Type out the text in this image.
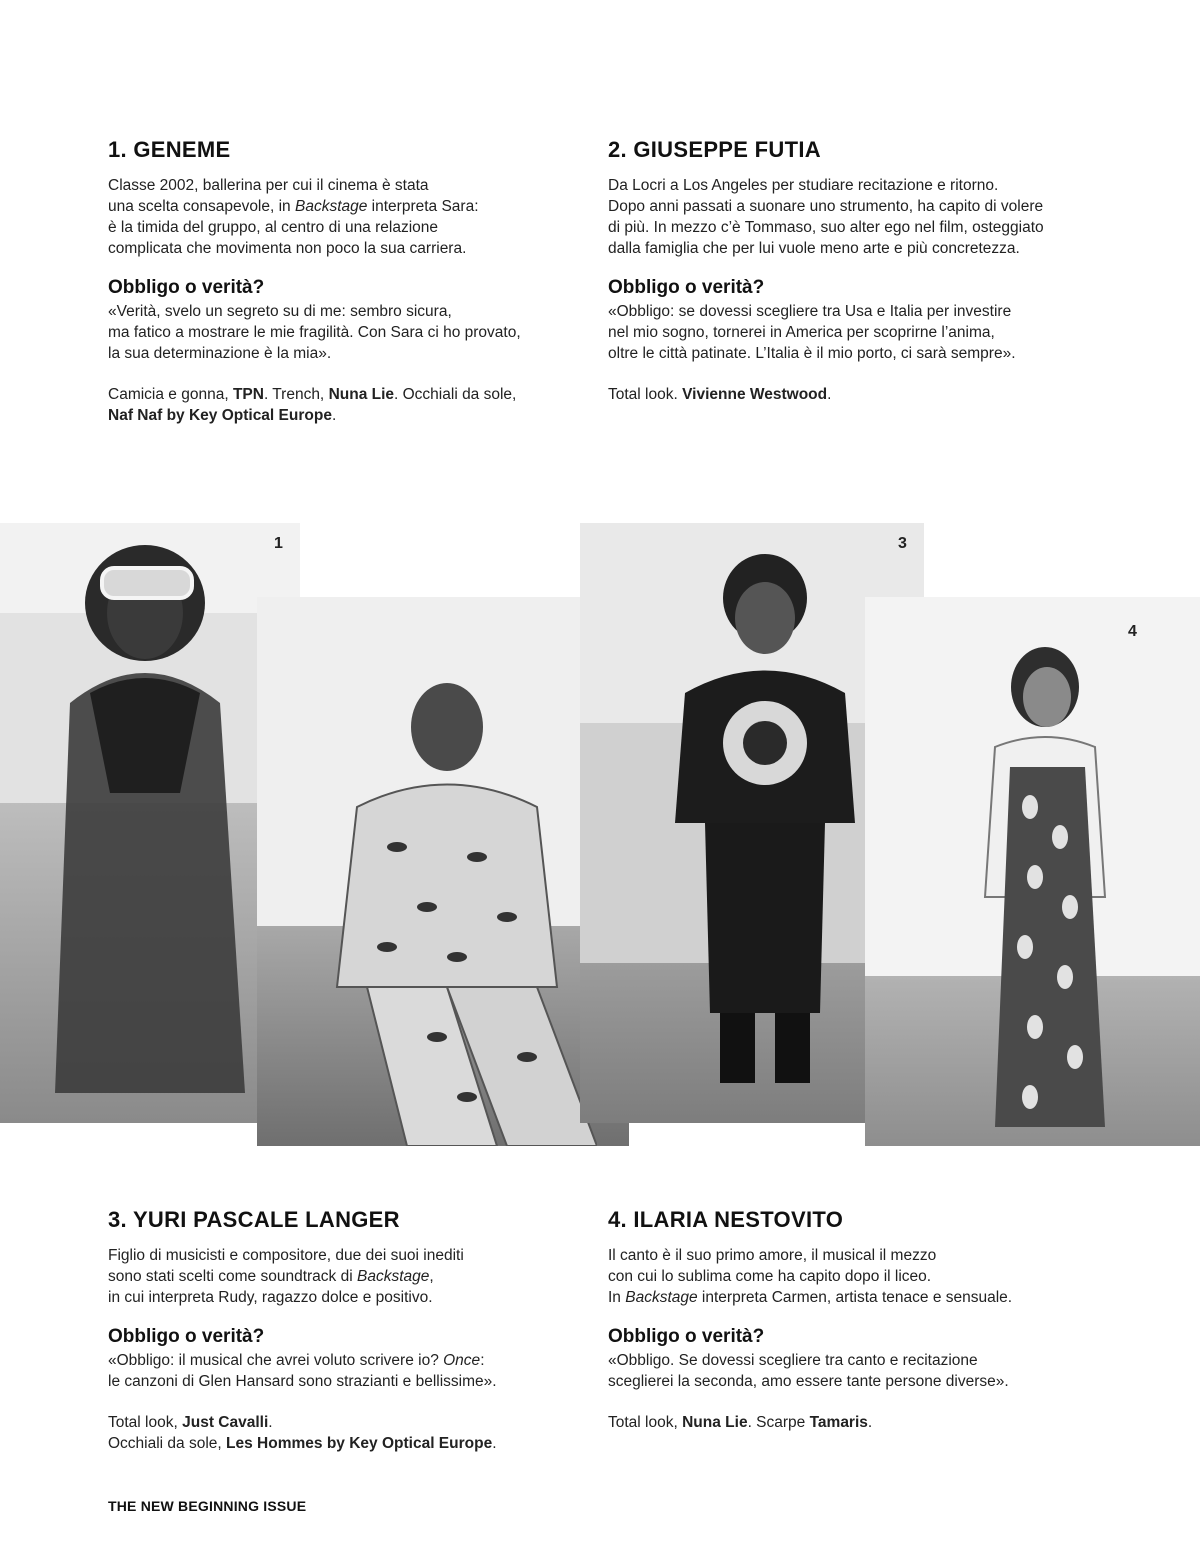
1. GENEME

Classe 2002, ballerina per cui il cinema è stata
una scelta consapevole, in Backstage interpreta Sara:
è la timida del gruppo, al centro di una relazione
complicata che movimenta non poco la sua carriera.

Obbligo o verità?

«Verità, svelo un segreto su di me: sembro sicura,
ma fatico a mostrare le mie fragilità. Con Sara ci ho provato,
la sua determinazione è la mia».

Camicia e gonna, TPN. Trench, Nuna Lie. Occhiali da sole,
Naf Naf by Key Optical Europe.

2. GIUSEPPE FUTIA

Da Locri a Los Angeles per studiare recitazione e ritorno.
Dopo anni passati a suonare uno strumento, ha capito di volere
di più. In mezzo c’è Tommaso, suo alter ego nel film, osteggiato
dalla famiglia che per lui vuole meno arte e più concretezza.

Obbligo o verità?

«Obbligo: se dovessi scegliere tra Usa e Italia per investire
nel mio sogno, tornerei in America per scoprirne l’anima,
oltre le città patinate. L’Italia è il mio porto, ci sarà sempre».

Total look. Vivienne Westwood.

1	3
4
3. YURI PASCALE LANGER

Figlio di musicisti e compositore, due dei suoi inediti
sono stati scelti come soundtrack di Backstage,
in cui interpreta Rudy, ragazzo dolce e positivo.

Obbligo o verità?

«Obbligo: il musical che avrei voluto scrivere io? Once:
le canzoni di Glen Hansard sono strazianti e bellissime».

Total look, Just Cavalli.
Occhiali da sole, Les Hommes by Key Optical Europe.

4. ILARIA NESTOVITO

Il canto è il suo primo amore, il musical il mezzo
con cui lo sublima come ha capito dopo il liceo.
In Backstage interpreta Carmen, artista tenace e sensuale.

Obbligo o verità?

«Obbligo. Se dovessi scegliere tra canto e recitazione
sceglierei la seconda, amo essere tante persone diverse».

Total look, Nuna Lie. Scarpe Tamaris.

THE NEW BEGINNING ISSUE
